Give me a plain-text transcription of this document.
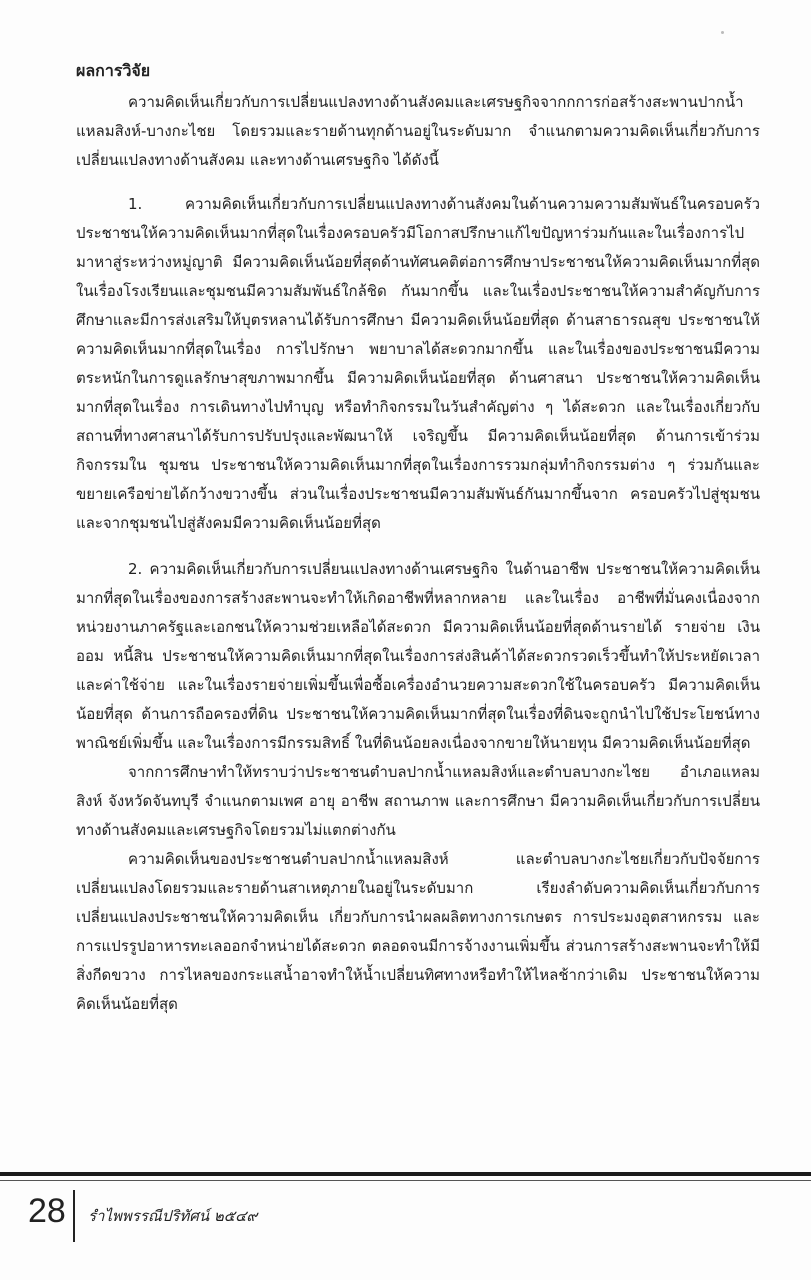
ผลการวิจัย

ความคิดเห็นเกี่ยวกับการเปลี่ยนแปลงทางด้านสังคมและเศรษฐกิจจากกการก่อสร้างสะพานปากน้ำแหลมสิงห์-บางกะไชย โดยรวมและรายด้านทุกด้านอยู่ในระดับมาก จำแนกตามความคิดเห็นเกี่ยวกับการเปลี่ยนแปลงทางด้านสังคม และทางด้านเศรษฐกิจ ได้ดังนี้

1. ความคิดเห็นเกี่ยวกับการเปลี่ยนแปลงทางด้านสังคมในด้านความความสัมพันธ์ในครอบครัวประชาชนให้ความคิดเห็นมากที่สุดในเรื่องครอบครัวมีโอกาสปรึกษาแก้ไขปัญหาร่วมกันและในเรื่องการไปมาหาสู่ระหว่างหมู่ญาติ มีความคิดเห็นน้อยที่สุดด้านทัศนคติต่อการศึกษาประชาชนให้ความคิดเห็นมากที่สุดในเรื่องโรงเรียนและชุมชนมีความสัมพันธ์ใกล้ชิด กันมากขึ้น และในเรื่องประชาชนให้ความสำคัญกับการศึกษาและมีการส่งเสริมให้บุตรหลานได้รับการศึกษา มีความคิดเห็นน้อยที่สุด ด้านสาธารณสุข ประชาชนให้ความคิดเห็นมากที่สุดในเรื่อง การไปรักษา พยาบาลได้สะดวกมากขึ้น และในเรื่องของประชาชนมีความตระหนักในการดูแลรักษาสุขภาพมากขึ้น มีความคิดเห็นน้อยที่สุด ด้านศาสนา ประชาชนให้ความคิดเห็นมากที่สุดในเรื่อง การเดินทางไปทำบุญ หรือทำกิจกรรมในวันสำคัญต่าง ๆ ได้สะดวก และในเรื่องเกี่ยวกับสถานที่ทางศาสนาได้รับการปรับปรุงและพัฒนาให้ เจริญขึ้น มีความคิดเห็นน้อยที่สุด ด้านการเข้าร่วมกิจกรรมใน ชุมชน ประชาชนให้ความคิดเห็นมากที่สุดในเรื่องการรวมกลุ่มทำกิจกรรมต่าง ๆ ร่วมกันและขยายเครือข่ายได้กว้างขวางขึ้น ส่วนในเรื่องประชาชนมีความสัมพันธ์กันมากขึ้นจาก ครอบครัวไปสู่ชุมชน และจากชุมชนไปสู่สังคมมีความคิดเห็นน้อยที่สุด

2. ความคิดเห็นเกี่ยวกับการเปลี่ยนแปลงทางด้านเศรษฐกิจ ในด้านอาชีพ ประชาชนให้ความคิดเห็นมากที่สุดในเรื่องของการสร้างสะพานจะทำให้เกิดอาชีพที่หลากหลาย และในเรื่อง อาชีพที่มั่นคงเนื่องจากหน่วยงานภาครัฐและเอกชนให้ความช่วยเหลือได้สะดวก มีความคิดเห็นน้อยที่สุดด้านรายได้ รายจ่าย เงินออม หนี้สิน ประชาชนให้ความคิดเห็นมากที่สุดในเรื่องการส่งสินค้าได้สะดวกรวดเร็วขึ้นทำให้ประหยัดเวลาและค่าใช้จ่าย และในเรื่องรายจ่ายเพิ่มขึ้นเพื่อซื้อเครื่องอำนวยความสะดวกใช้ในครอบครัว มีความคิดเห็นน้อยที่สุด ด้านการถือครองที่ดิน ประชาชนให้ความคิดเห็นมากที่สุดในเรื่องที่ดินจะถูกนำไปใช้ประโยชน์ทางพาณิชย์เพิ่มขึ้น และในเรื่องการมีกรรมสิทธิ์ ในที่ดินน้อยลงเนื่องจากขายให้นายทุน มีความคิดเห็นน้อยที่สุด

จากการศึกษาทำให้ทราบว่าประชาชนตำบลปากน้ำแหลมสิงห์และตำบลบางกะไชย อำเภอแหลมสิงห์ จังหวัดจันทบุรี จำแนกตามเพศ อายุ อาชีพ สถานภาพ และการศึกษา มีความคิดเห็นเกี่ยวกับการเปลี่ยนทางด้านสังคมและเศรษฐกิจโดยรวมไม่แตกต่างกัน

ความคิดเห็นของประชาชนตำบลปากน้ำแหลมสิงห์ และตำบลบางกะไชยเกี่ยวกับปัจจัยการเปลี่ยนแปลงโดยรวมและรายด้านสาเหตุภายในอยู่ในระดับมาก เรียงลำดับความคิดเห็นเกี่ยวกับการเปลี่ยนแปลงประชาชนให้ความคิดเห็น เกี่ยวกับการนำผลผลิตทางการเกษตร การประมงอุตสาหกรรม และการแปรรูปอาหารทะเลออกจำหน่ายได้สะดวก ตลอดจนมีการจ้างงานเพิ่มขึ้น ส่วนการสร้างสะพานจะทำให้มีสิ่งกีดขวาง การไหลของกระแสน้ำอาจทำให้น้ำเปลี่ยนทิศทางหรือทำให้ไหลช้ากว่าเดิม ประชาชนให้ความคิดเห็นน้อยที่สุด

28 รำไพพรรณีปริทัศน์ ๒๕๔๙
